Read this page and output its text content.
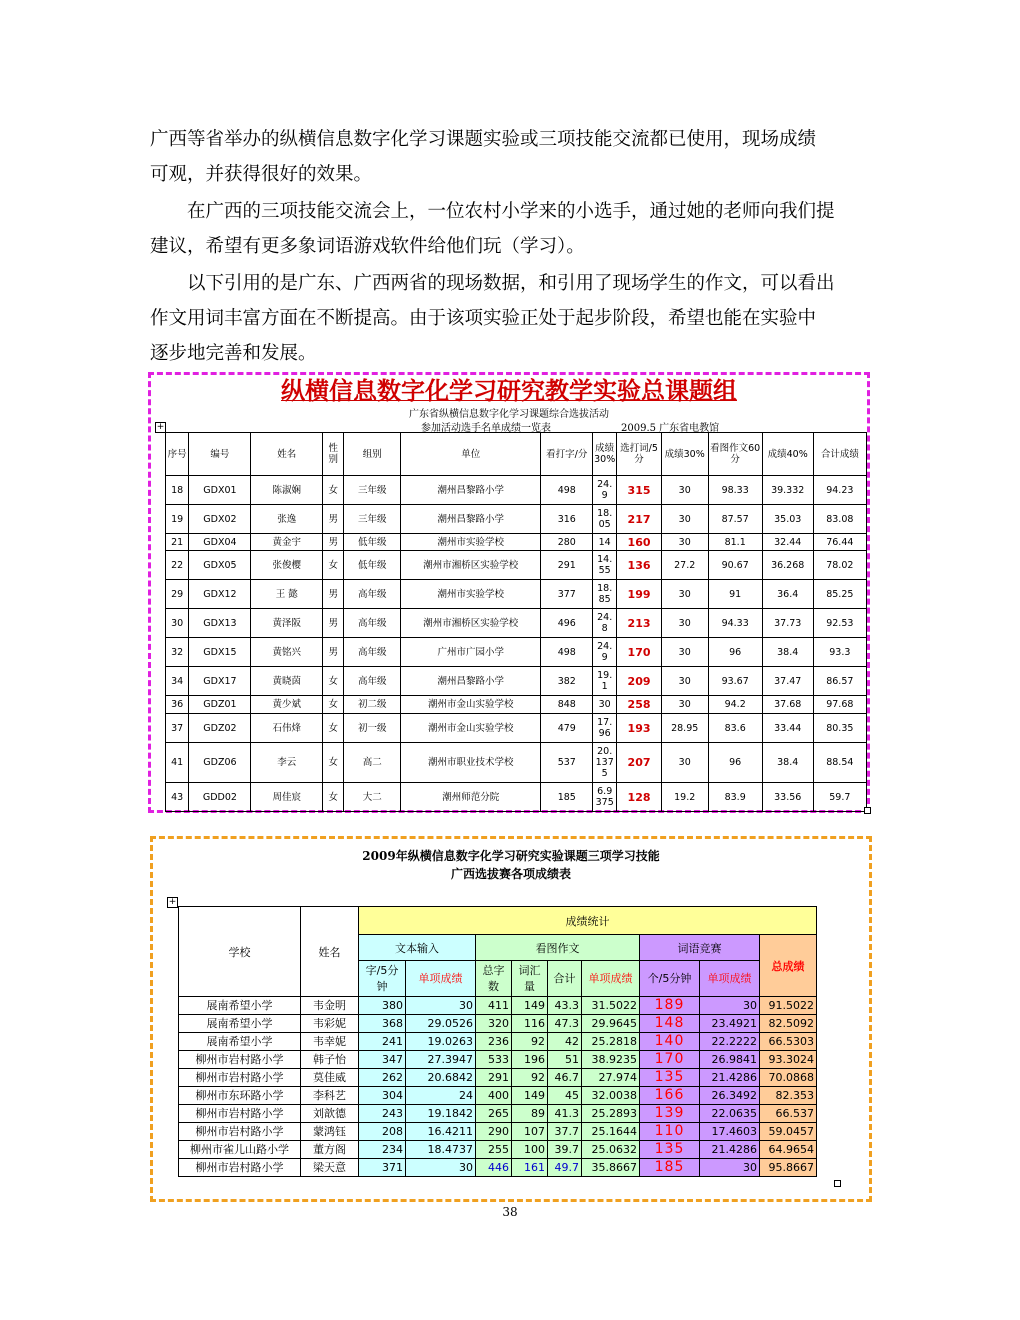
广西等省举办的纵横信息数字化学习课题实验或三项技能交流都已使用，现场成绩
可观，并获得很好的效果。

在广西的三项技能交流会上，一位农村小学来的小选手，通过她的老师向我们提
建议，希望有更多象词语游戏软件给他们玩（学习）。

以下引用的是广东、广西两省的现场数据，和引用了现场学生的作文，可以看出
作文用词丰富方面在不断提高。由于该项实验正处于起步阶段，希望也能在实验中
逐步地完善和发展。

纵横信息数字化学习研究教学实验总课题组
广东省纵横信息数字化学习课题综合选拔活动
参加活动选手名单成绩一览表	2009.5 广东省电教馆
+
序号	编号	姓名	性别	组别	单位	看打字/分	成绩30%	选打词/5分	成绩30%	看图作文60分	成绩40%	合计成绩
18	GDX01	陈淑娴	女	三年级	潮州昌黎路小学	498	24.9	315	30	98.33	39.332	94.23
19	GDX02	张逸	男	三年级	潮州昌黎路小学	316	18.05	217	30	87.57	35.03	83.08
21	GDX04	黄金宇	男	低年级	潮州市实验学校	280	14	160	30	81.1	32.44	76.44
22	GDX05	张俊樱	女	低年级	潮州市湘桥区实验学校	291	14.55	136	27.2	90.67	36.268	78.02
29	GDX12	王 懿	男	高年级	潮州市实验学校	377	18.85	199	30	91	36.4	85.25
30	GDX13	黄泽阪	男	高年级	潮州市湘桥区实验学校	496	24.8	213	30	94.33	37.73	92.53
32	GDX15	黄铭兴	男	高年级	广州市广园小学	498	24.9	170	30	96	38.4	93.3
34	GDX17	黄晓茵	女	高年级	潮州昌黎路小学	382	19.1	209	30	93.67	37.47	86.57
36	GDZ01	黄少斌	女	初二级	潮州市金山实验学校	848	30	258	30	94.2	37.68	97.68
37	GDZ02	石伟烽	女	初一级	潮州市金山实验学校	479	17.96	193	28.95	83.6	33.44	80.35
41	GDZ06	李云	女	高二	潮州市职业技术学校	537	20.1375	207	30	96	38.4	88.54
43	GDD02	周佳宸	女	大二	潮州师范分院	185	6.9375	128	19.2	83.9	33.56	59.7
2009年纵横信息数字化学习研究实验课题三项学习技能
广西选拔赛各项成绩表
+
学校	姓名	成绩统计								
		文本输入		看图作文				词语竞赛		总成绩
		字/5分钟	单项成绩	总字数	词汇量	合计	单项成绩	个/5分钟	单项成绩	
展南希望小学	韦金明	380	30	411	149	43.3	31.5022	189	30	91.5022
展南希望小学	韦彩妮	368	29.0526	320	116	47.3	29.9645	148	23.4921	82.5092
展南希望小学	韦幸妮	241	19.0263	236	92	42	25.2818	140	22.2222	66.5303
柳州市岩村路小学	韩子怡	347	27.3947	533	196	51	38.9235	170	26.9841	93.3024
柳州市岩村路小学	莫佳威	262	20.6842	291	92	46.7	27.974	135	21.4286	70.0868
柳州市东环路小学	李科艺	304	24	400	149	45	32.0038	166	26.3492	82.353
柳州市岩村路小学	刘歆德	243	19.1842	265	89	41.3	25.2893	139	22.0635	66.537
柳州市岩村路小学	蒙鸿钰	208	16.4211	290	107	37.7	25.1644	110	17.4603	59.0457
柳州市雀儿山路小学	董方阁	234	18.4737	255	100	39.7	25.0632	135	21.4286	64.9654
柳州市岩村路小学	梁天意	371	30	446	161	49.7	35.8667	185	30	95.8667
38
